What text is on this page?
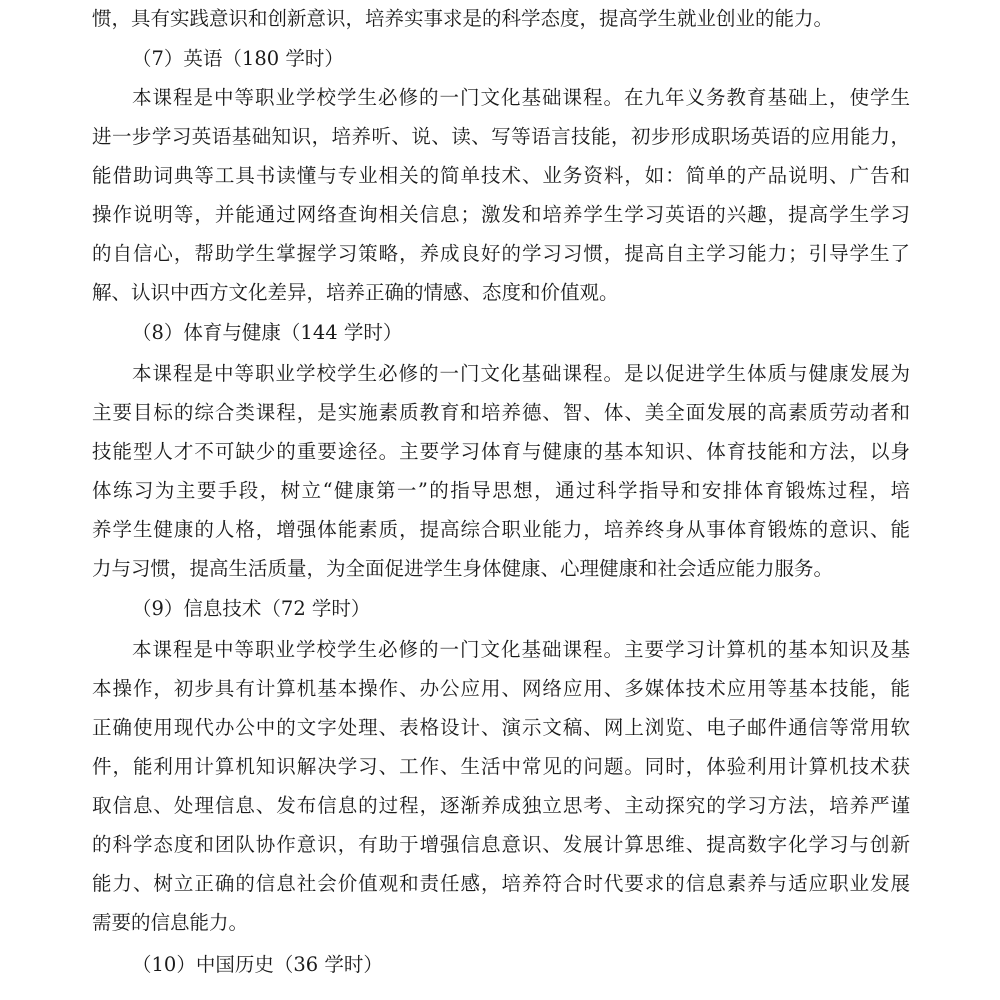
惯，具有实践意识和创新意识，培养实事求是的科学态度，提高学生就业创业的能力。
（7）英语（180 学时）
本课程是中等职业学校学生必修的一门文化基础课程。在九年义务教育基础上，使学生
进一步学习英语基础知识，培养听、说、读、写等语言技能，初步形成职场英语的应用能力，
能借助词典等工具书读懂与专业相关的简单技术、业务资料，如：简单的产品说明、广告和
操作说明等，并能通过网络查询相关信息；激发和培养学生学习英语的兴趣，提高学生学习
的自信心，帮助学生掌握学习策略，养成良好的学习习惯，提高自主学习能力；引导学生了
解、认识中西方文化差异，培养正确的情感、态度和价值观。
（8）体育与健康（144 学时）
本课程是中等职业学校学生必修的一门文化基础课程。是以促进学生体质与健康发展为
主要目标的综合类课程，是实施素质教育和培养德、智、体、美全面发展的高素质劳动者和
技能型人才不可缺少的重要途径。主要学习体育与健康的基本知识、体育技能和方法，以身
体练习为主要手段，树立“健康第一”的指导思想，通过科学指导和安排体育锻炼过程，培
养学生健康的人格，增强体能素质，提高综合职业能力，培养终身从事体育锻炼的意识、能
力与习惯，提高生活质量，为全面促进学生身体健康、心理健康和社会适应能力服务。
（9）信息技术（72 学时）
本课程是中等职业学校学生必修的一门文化基础课程。主要学习计算机的基本知识及基
本操作，初步具有计算机基本操作、办公应用、网络应用、多媒体技术应用等基本技能，能
正确使用现代办公中的文字处理、表格设计、演示文稿、网上浏览、电子邮件通信等常用软
件，能利用计算机知识解决学习、工作、生活中常见的问题。同时，体验利用计算机技术获
取信息、处理信息、发布信息的过程，逐渐养成独立思考、主动探究的学习方法，培养严谨
的科学态度和团队协作意识，有助于增强信息意识、发展计算思维、提高数字化学习与创新
能力、树立正确的信息社会价值观和责任感，培养符合时代要求的信息素养与适应职业发展
需要的信息能力。
（10）中国历史（36 学时）
